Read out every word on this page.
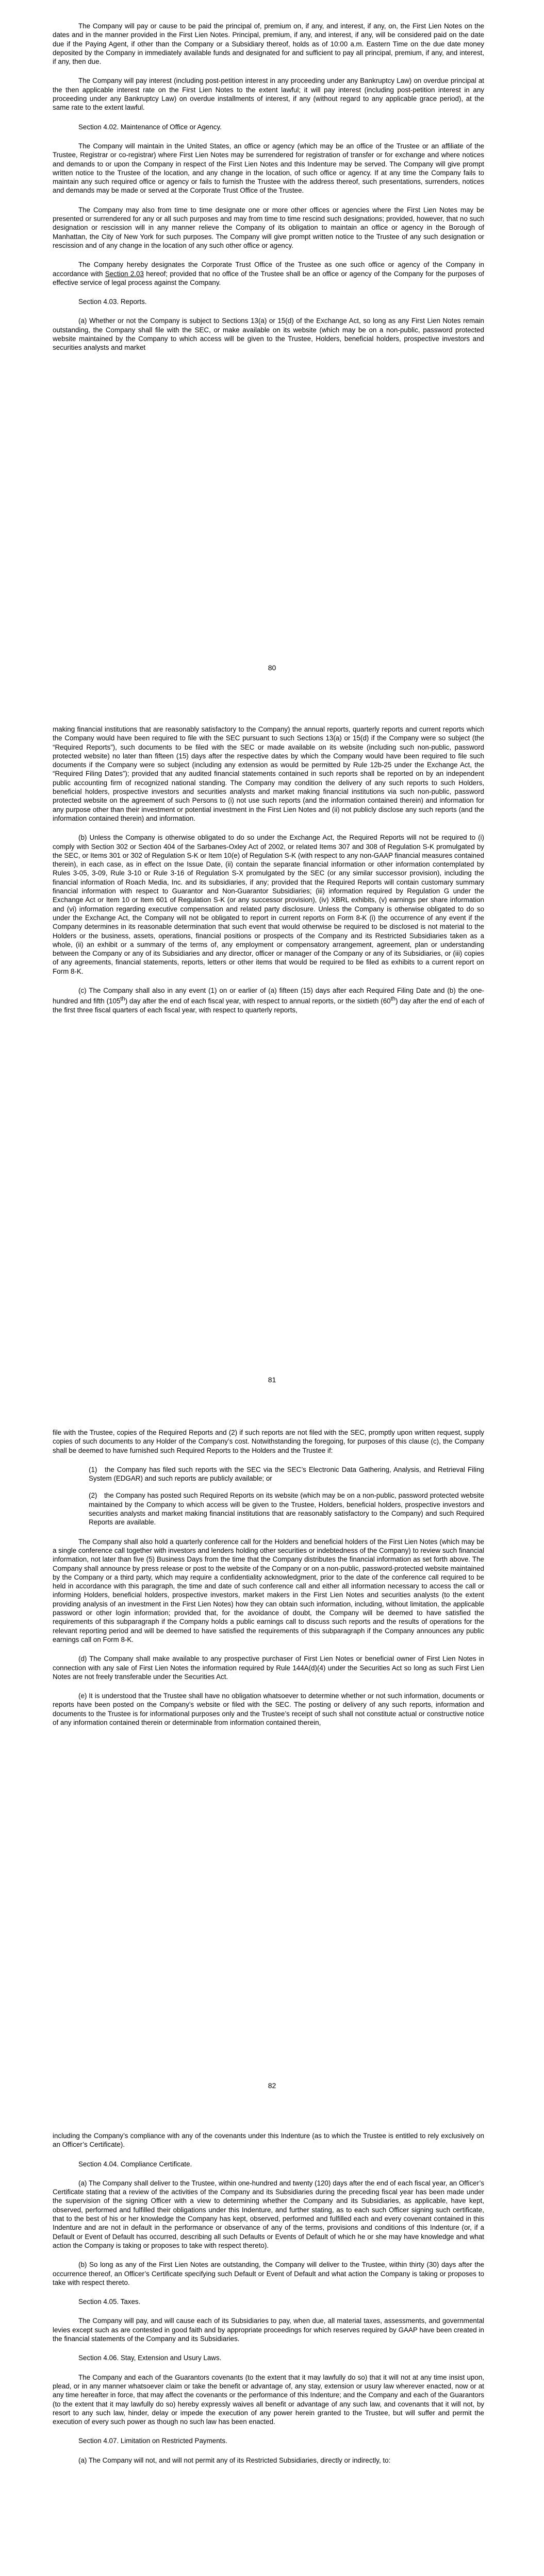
The Company will pay or cause to be paid the principal of, premium on, if any, and interest, if any, on, the First Lien Notes on the dates and in the manner provided in the First Lien Notes. Principal, premium, if any, and interest, if any, will be considered paid on the date due if the Paying Agent, if other than the Company or a Subsidiary thereof, holds as of 10:00 a.m. Eastern Time on the due date money deposited by the Company in immediately available funds and designated for and sufficient to pay all principal, premium, if any, and interest, if any, then due.

The Company will pay interest (including post-petition interest in any proceeding under any Bankruptcy Law) on overdue principal at the then applicable interest rate on the First Lien Notes to the extent lawful; it will pay interest (including post-petition interest in any proceeding under any Bankruptcy Law) on overdue installments of interest, if any (without regard to any applicable grace period), at the same rate to the extent lawful.

Section 4.02. Maintenance of Office or Agency.

The Company will maintain in the United States, an office or agency (which may be an office of the Trustee or an affiliate of the Trustee, Registrar or co-registrar) where First Lien Notes may be surrendered for registration of transfer or for exchange and where notices and demands to or upon the Company in respect of the First Lien Notes and this Indenture may be served. The Company will give prompt written notice to the Trustee of the location, and any change in the location, of such office or agency. If at any time the Company fails to maintain any such required office or agency or fails to furnish the Trustee with the address thereof, such presentations, surrenders, notices and demands may be made or served at the Corporate Trust Office of the Trustee.

The Company may also from time to time designate one or more other offices or agencies where the First Lien Notes may be presented or surrendered for any or all such purposes and may from time to time rescind such designations; provided, however, that no such designation or rescission will in any manner relieve the Company of its obligation to maintain an office or agency in the Borough of Manhattan, the City of New York for such purposes. The Company will give prompt written notice to the Trustee of any such designation or rescission and of any change in the location of any such other office or agency.

The Company hereby designates the Corporate Trust Office of the Trustee as one such office or agency of the Company in accordance with Section 2.03 hereof; provided that no office of the Trustee shall be an office or agency of the Company for the purposes of effective service of legal process against the Company.

Section 4.03. Reports.

(a) Whether or not the Company is subject to Sections 13(a) or 15(d) of the Exchange Act, so long as any First Lien Notes remain outstanding, the Company shall file with the SEC, or make available on its website (which may be on a non-public, password protected website maintained by the Company to which access will be given to the Trustee, Holders, beneficial holders, prospective investors and securities analysts and market

80

making financial institutions that are reasonably satisfactory to the Company) the annual reports, quarterly reports and current reports which the Company would have been required to file with the SEC pursuant to such Sections 13(a) or 15(d) if the Company were so subject (the “Required Reports”), such documents to be filed with the SEC or made available on its website (including such non-public, password protected website) no later than fifteen (15) days after the respective dates by which the Company would have been required to file such documents if the Company were so subject (including any extension as would be permitted by Rule 12b-25 under the Exchange Act, the “Required Filing Dates”); provided that any audited financial statements contained in such reports shall be reported on by an independent public accounting firm of recognized national standing. The Company may condition the delivery of any such reports to such Holders, beneficial holders, prospective investors and securities analysts and market making financial institutions via such non-public, password protected website on the agreement of such Persons to (i) not use such reports (and the information contained therein) and information for any purpose other than their investment or potential investment in the First Lien Notes and (ii) not publicly disclose any such reports (and the information contained therein) and information.

(b) Unless the Company is otherwise obligated to do so under the Exchange Act, the Required Reports will not be required to (i) comply with Section 302 or Section 404 of the Sarbanes-Oxley Act of 2002, or related Items 307 and 308 of Regulation S-K promulgated by the SEC, or Items 301 or 302 of Regulation S-K or Item 10(e) of Regulation S-K (with respect to any non-GAAP financial measures contained therein), in each case, as in effect on the Issue Date, (ii) contain the separate financial information or other information contemplated by Rules 3-05, 3-09, Rule 3-10 or Rule 3-16 of Regulation S-X promulgated by the SEC (or any similar successor provision), including the financial information of Roach Media, Inc. and its subsidiaries, if any; provided that the Required Reports will contain customary summary financial information with respect to Guarantor and Non-Guarantor Subsidiaries; (iii) information required by Regulation G under the Exchange Act or Item 10 or Item 601 of Regulation S-K (or any successor provision), (iv) XBRL exhibits, (v) earnings per share information and (vi) information regarding executive compensation and related party disclosure. Unless the Company is otherwise obligated to do so under the Exchange Act, the Company will not be obligated to report in current reports on Form 8-K (i) the occurrence of any event if the Company determines in its reasonable determination that such event that would otherwise be required to be disclosed is not material to the Holders or the business, assets, operations, financial positions or prospects of the Company and its Restricted Subsidiaries taken as a whole, (ii) an exhibit or a summary of the terms of, any employment or compensatory arrangement, agreement, plan or understanding between the Company or any of its Subsidiaries and any director, officer or manager of the Company or any of its Subsidiaries, or (iii) copies of any agreements, financial statements, reports, letters or other items that would be required to be filed as exhibits to a current report on Form 8-K.

(c) The Company shall also in any event (1) on or earlier of (a) fifteen (15) days after each Required Filing Date and (b) the one-hundred and fifth (105th) day after the end of each fiscal year, with respect to annual reports, or the sixtieth (60th) day after the end of each of the first three fiscal quarters of each fiscal year, with respect to quarterly reports,

81

file with the Trustee, copies of the Required Reports and (2) if such reports are not filed with the SEC, promptly upon written request, supply copies of such documents to any Holder of the Company’s cost. Notwithstanding the foregoing, for purposes of this clause (c), the Company shall be deemed to have furnished such Required Reports to the Holders and the Trustee if:

(1) the Company has filed such reports with the SEC via the SEC’s Electronic Data Gathering, Analysis, and Retrieval Filing System (EDGAR) and such reports are publicly available; or

(2) the Company has posted such Required Reports on its website (which may be on a non-public, password protected website maintained by the Company to which access will be given to the Trustee, Holders, beneficial holders, prospective investors and securities analysts and market making financial institutions that are reasonably satisfactory to the Company) and such Required Reports are available.

The Company shall also hold a quarterly conference call for the Holders and beneficial holders of the First Lien Notes (which may be a single conference call together with investors and lenders holding other securities or indebtedness of the Company) to review such financial information, not later than five (5) Business Days from the time that the Company distributes the financial information as set forth above. The Company shall announce by press release or post to the website of the Company or on a non-public, password-protected website maintained by the Company or a third party, which may require a confidentiality acknowledgment, prior to the date of the conference call required to be held in accordance with this paragraph, the time and date of such conference call and either all information necessary to access the call or informing Holders, beneficial holders, prospective investors, market makers in the First Lien Notes and securities analysts (to the extent providing analysis of an investment in the First Lien Notes) how they can obtain such information, including, without limitation, the applicable password or other login information; provided that, for the avoidance of doubt, the Company will be deemed to have satisfied the requirements of this subparagraph if the Company holds a public earnings call to discuss such reports and the results of operations for the relevant reporting period and will be deemed to have satisfied the requirements of this subparagraph if the Company announces any public earnings call on Form 8-K.

(d) The Company shall make available to any prospective purchaser of First Lien Notes or beneficial owner of First Lien Notes in connection with any sale of First Lien Notes the information required by Rule 144A(d)(4) under the Securities Act so long as such First Lien Notes are not freely transferable under the Securities Act.

(e) It is understood that the Trustee shall have no obligation whatsoever to determine whether or not such information, documents or reports have been posted on the Company’s website or filed with the SEC. The posting or delivery of any such reports, information and documents to the Trustee is for informational purposes only and the Trustee’s receipt of such shall not constitute actual or constructive notice of any information contained therein or determinable from information contained therein,

82

including the Company’s compliance with any of the covenants under this Indenture (as to which the Trustee is entitled to rely exclusively on an Officer’s Certificate).

Section 4.04. Compliance Certificate.

(a) The Company shall deliver to the Trustee, within one-hundred and twenty (120) days after the end of each fiscal year, an Officer’s Certificate stating that a review of the activities of the Company and its Subsidiaries during the preceding fiscal year has been made under the supervision of the signing Officer with a view to determining whether the Company and its Subsidiaries, as applicable, have kept, observed, performed and fulfilled their obligations under this Indenture, and further stating, as to each such Officer signing such certificate, that to the best of his or her knowledge the Company has kept, observed, performed and fulfilled each and every covenant contained in this Indenture and are not in default in the performance or observance of any of the terms, provisions and conditions of this Indenture (or, if a Default or Event of Default has occurred, describing all such Defaults or Events of Default of which he or she may have knowledge and what action the Company is taking or proposes to take with respect thereto).

(b) So long as any of the First Lien Notes are outstanding, the Company will deliver to the Trustee, within thirty (30) days after the occurrence thereof, an Officer’s Certificate specifying such Default or Event of Default and what action the Company is taking or proposes to take with respect thereto.

Section 4.05. Taxes.

The Company will pay, and will cause each of its Subsidiaries to pay, when due, all material taxes, assessments, and governmental levies except such as are contested in good faith and by appropriate proceedings for which reserves required by GAAP have been created in the financial statements of the Company and its Subsidiaries.

Section 4.06. Stay, Extension and Usury Laws.

The Company and each of the Guarantors covenants (to the extent that it may lawfully do so) that it will not at any time insist upon, plead, or in any manner whatsoever claim or take the benefit or advantage of, any stay, extension or usury law wherever enacted, now or at any time hereafter in force, that may affect the covenants or the performance of this Indenture; and the Company and each of the Guarantors (to the extent that it may lawfully do so) hereby expressly waives all benefit or advantage of any such law, and covenants that it will not, by resort to any such law, hinder, delay or impede the execution of any power herein granted to the Trustee, but will suffer and permit the execution of every such power as though no such law has been enacted.

Section 4.07. Limitation on Restricted Payments.

(a) The Company will not, and will not permit any of its Restricted Subsidiaries, directly or indirectly, to:
